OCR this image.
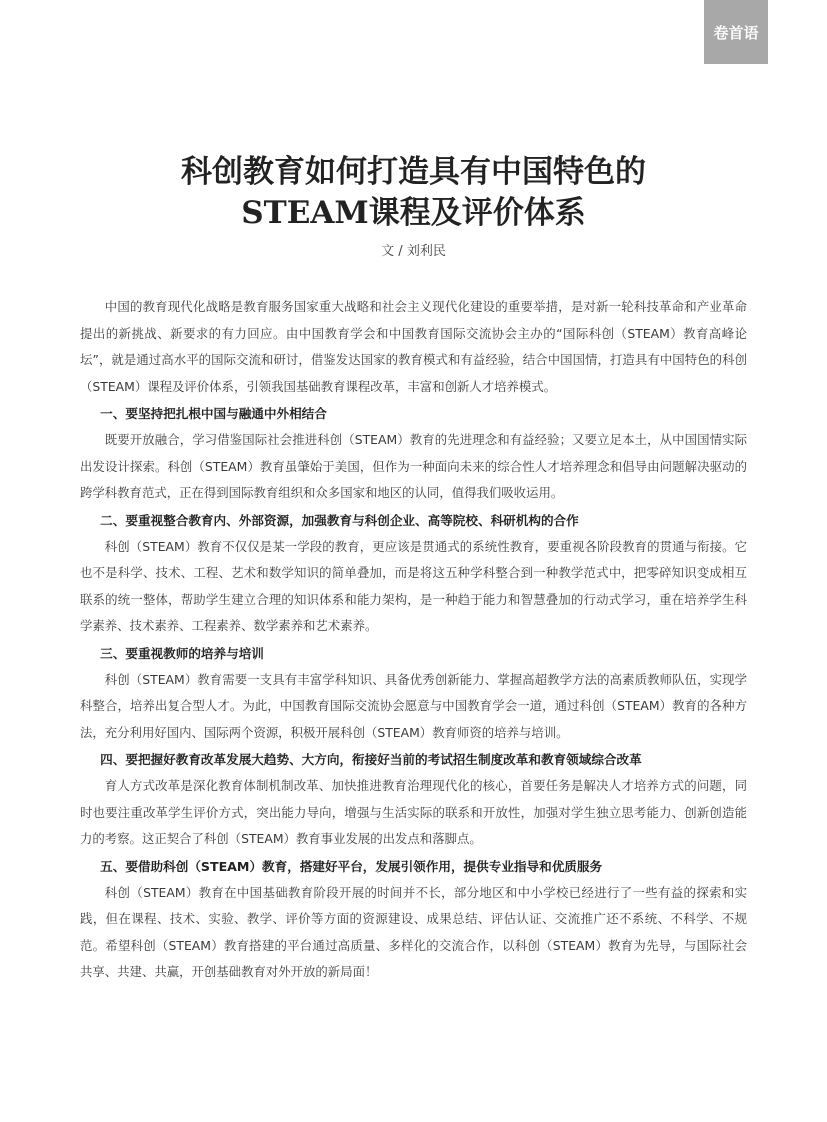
卷首语
科创教育如何打造具有中国特色的
STEAM课程及评价体系
文 / 刘利民

中国的教育现代化战略是教育服务国家重大战略和社会主义现代化建设的重要举措，是对新一轮科技革命和产业革命提出的新挑战、新要求的有力回应。由中国教育学会和中国教育国际交流协会主办的“国际科创（STEAM）教育高峰论坛”，就是通过高水平的国际交流和研讨，借鉴发达国家的教育模式和有益经验，结合中国国情，打造具有中国特色的科创（STEAM）课程及评价体系，引领我国基础教育课程改革，丰富和创新人才培养模式。

一、要坚持把扎根中国与融通中外相结合

既要开放融合，学习借鉴国际社会推进科创（STEAM）教育的先进理念和有益经验；又要立足本土，从中国国情实际出发设计探索。科创（STEAM）教育虽肇始于美国，但作为一种面向未来的综合性人才培养理念和倡导由问题解决驱动的跨学科教育范式，正在得到国际教育组织和众多国家和地区的认同，值得我们吸收运用。

二、要重视整合教育内、外部资源，加强教育与科创企业、高等院校、科研机构的合作

科创（STEAM）教育不仅仅是某一学段的教育，更应该是贯通式的系统性教育，要重视各阶段教育的贯通与衔接。它也不是科学、技术、工程、艺术和数学知识的简单叠加，而是将这五种学科整合到一种教学范式中，把零碎知识变成相互联系的统一整体，帮助学生建立合理的知识体系和能力架构，是一种趋于能力和智慧叠加的行动式学习，重在培养学生科学素养、技术素养、工程素养、数学素养和艺术素养。

三、要重视教师的培养与培训

科创（STEAM）教育需要一支具有丰富学科知识、具备优秀创新能力、掌握高超教学方法的高素质教师队伍，实现学科整合，培养出复合型人才。为此，中国教育国际交流协会愿意与中国教育学会一道，通过科创（STEAM）教育的各种方法，充分利用好国内、国际两个资源，积极开展科创（STEAM）教育师资的培养与培训。

四、要把握好教育改革发展大趋势、大方向，衔接好当前的考试招生制度改革和教育领域综合改革

育人方式改革是深化教育体制机制改革、加快推进教育治理现代化的核心，首要任务是解决人才培养方式的问题，同时也要注重改革学生评价方式，突出能力导向，增强与生活实际的联系和开放性，加强对学生独立思考能力、创新创造能力的考察。这正契合了科创（STEAM）教育事业发展的出发点和落脚点。

五、要借助科创（STEAM）教育，搭建好平台，发展引领作用，提供专业指导和优质服务

科创（STEAM）教育在中国基础教育阶段开展的时间并不长，部分地区和中小学校已经进行了一些有益的探索和实践，但在课程、技术、实验、教学、评价等方面的资源建设、成果总结、评估认证、交流推广还不系统、不科学、不规范。希望科创（STEAM）教育搭建的平台通过高质量、多样化的交流合作，以科创（STEAM）教育为先导，与国际社会共享、共建、共赢，开创基础教育对外开放的新局面！
